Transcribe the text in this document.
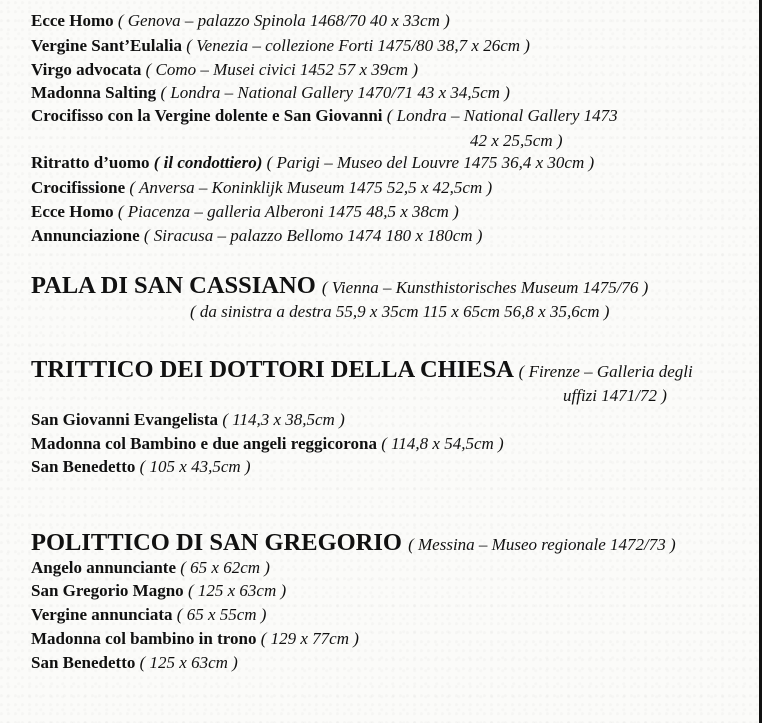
Ecce Homo ( Genova – palazzo Spinola 1468/70 40 x 33cm )
Vergine Sant’Eulalia ( Venezia – collezione Forti 1475/80 38,7 x 26cm )
Virgo advocata ( Como – Musei civici 1452 57 x 39cm )
Madonna Salting ( Londra – National Gallery 1470/71 43 x 34,5cm )
Crocifisso con la Vergine dolente e San Giovanni ( Londra – National Gallery 1473
42 x 25,5cm )
Ritratto d’uomo ( il condottiero) ( Parigi – Museo del Louvre 1475 36,4 x 30cm )
Crocifissione ( Anversa – Koninklijk Museum 1475 52,5 x 42,5cm )
Ecce Homo ( Piacenza – galleria Alberoni 1475 48,5 x 38cm )
Annunciazione ( Siracusa – palazzo Bellomo 1474 180 x 180cm )
PALA DI SAN CASSIANO ( Vienna – Kunsthistorisches Museum 1475/76 )
( da sinistra a destra 55,9 x 35cm 115 x 65cm 56,8 x 35,6cm )
TRITTICO DEI DOTTORI DELLA CHIESA ( Firenze – Galleria degli
uffizi 1471/72 )
San Giovanni Evangelista ( 114,3 x 38,5cm )
Madonna col Bambino e due angeli reggicorona ( 114,8 x 54,5cm )
San Benedetto ( 105 x 43,5cm )
POLITTICO DI SAN GREGORIO ( Messina – Museo regionale 1472/73 )
Angelo annunciante ( 65 x 62cm )
San Gregorio Magno ( 125 x 63cm )
Vergine annunciata ( 65 x 55cm )
Madonna col bambino in trono ( 129 x 77cm )
San Benedetto ( 125 x 63cm )
